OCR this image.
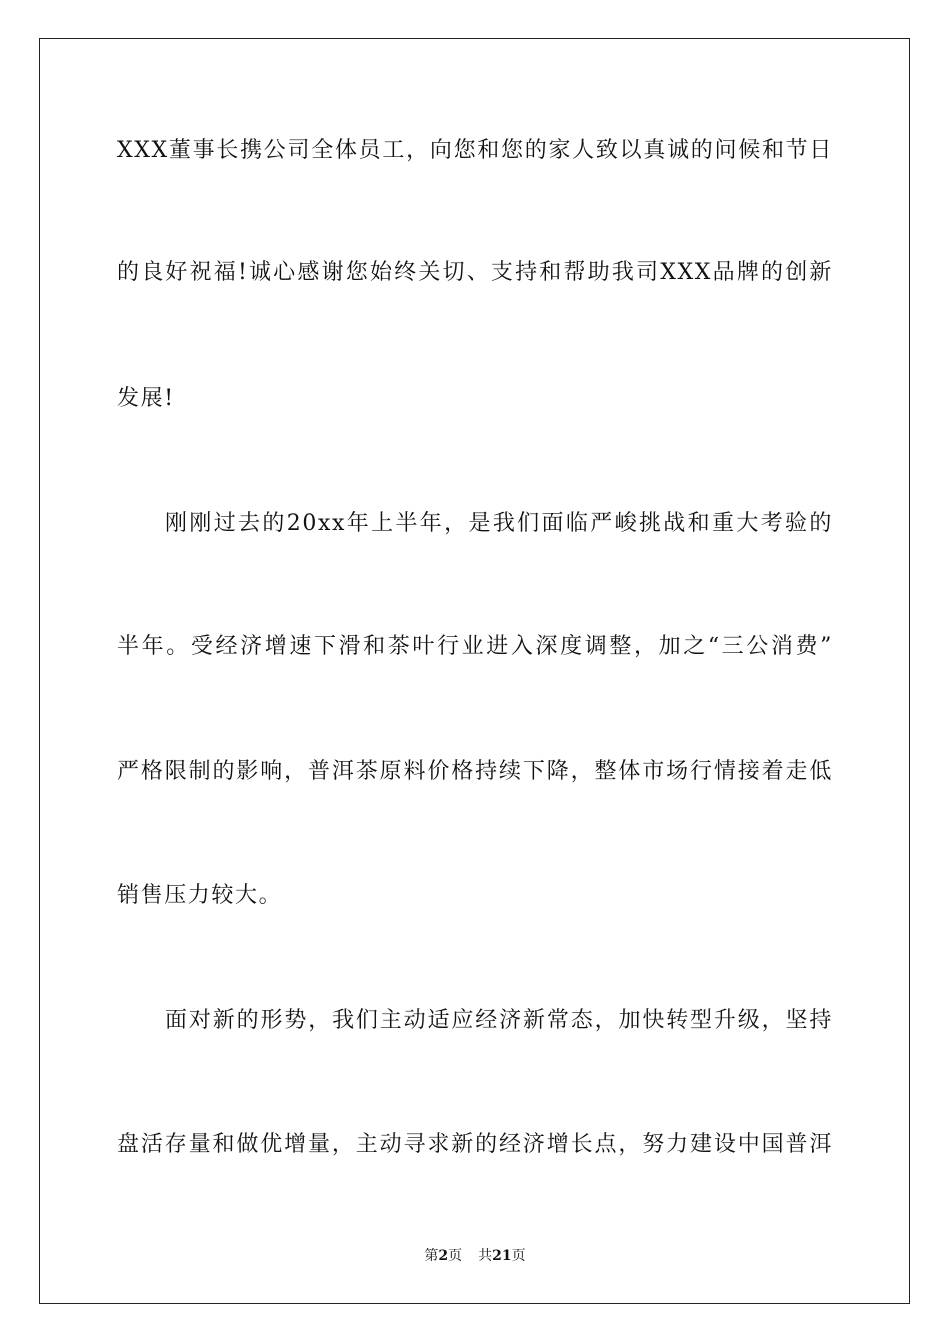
XXX董事长携公司全体员工，向您和您的家人致以真诚的问候和节日
的良好祝福!诚心感谢您始终关切、支持和帮助我司XXX品牌的创新
发展!
刚刚过去的20xx年上半年，是我们面临严峻挑战和重大考验的
半年。受经济增速下滑和茶叶行业进入深度调整，加之“三公消费”
严格限制的影响，普洱茶原料价格持续下降，整体市场行情接着走低
销售压力较大。
面对新的形势，我们主动适应经济新常态，加快转型升级，坚持
盘活存量和做优增量，主动寻求新的经济增长点，努力建设中国普洱
第2页 共21页
